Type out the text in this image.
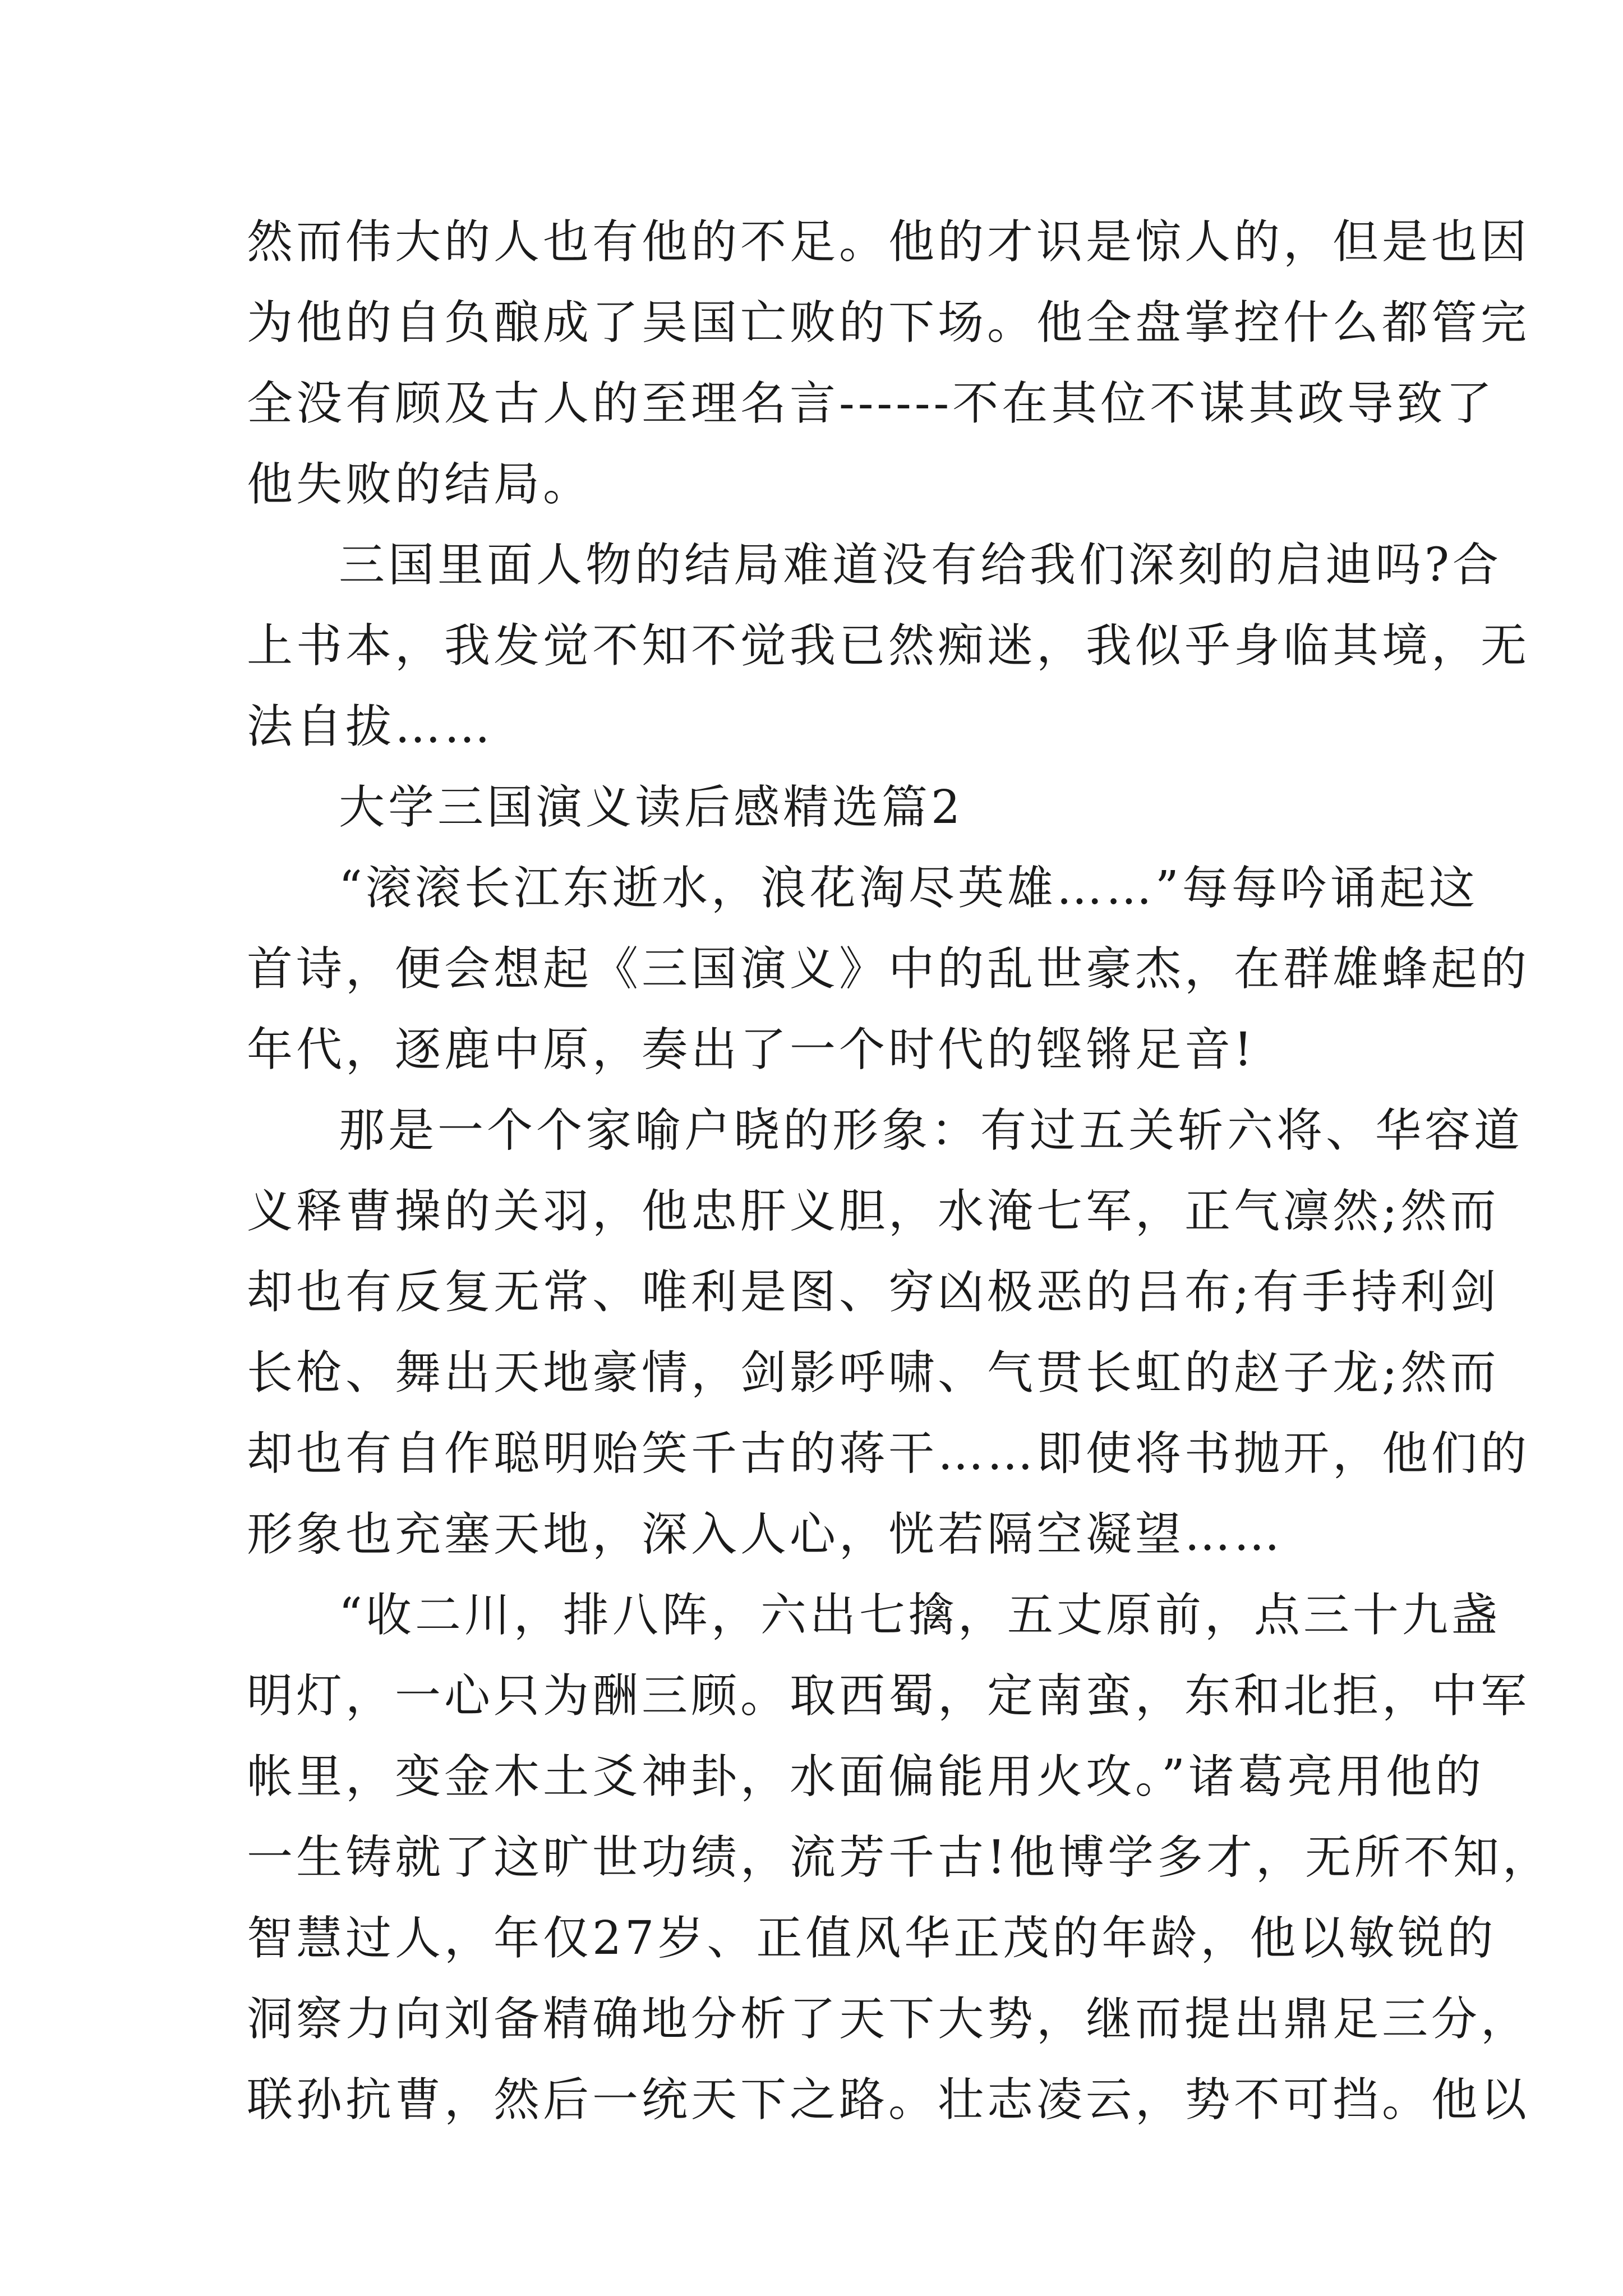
然而伟大的人也有他的不足。他的才识是惊人的，但是也因
为他的自负酿成了吴国亡败的下场。他全盘掌控什么都管完
全没有顾及古人的至理名言------不在其位不谋其政导致了
他失败的结局。
三国里面人物的结局难道没有给我们深刻的启迪吗?合
上书本，我发觉不知不觉我已然痴迷，我似乎身临其境，无
法自拔……
大学三国演义读后感精选篇2
“滚滚长江东逝水，浪花淘尽英雄……”每每吟诵起这
首诗，便会想起《三国演义》中的乱世豪杰，在群雄蜂起的
年代，逐鹿中原，奏出了一个时代的铿锵足音!
那是一个个家喻户晓的形象：有过五关斩六将、华容道
义释曹操的关羽，他忠肝义胆，水淹七军，正气凛然;然而
却也有反复无常、唯利是图、穷凶极恶的吕布;有手持利剑
长枪、舞出天地豪情，剑影呼啸、气贯长虹的赵子龙;然而
却也有自作聪明贻笑千古的蒋干……即使将书抛开，他们的
形象也充塞天地，深入人心，恍若隔空凝望……
“收二川，排八阵，六出七擒，五丈原前，点三十九盏
明灯，一心只为酬三顾。取西蜀，定南蛮，东和北拒，中军
帐里，变金木土爻神卦，水面偏能用火攻。”诸葛亮用他的
一生铸就了这旷世功绩，流芳千古!他博学多才，无所不知，
智慧过人，年仅27岁、正值风华正茂的年龄，他以敏锐的
洞察力向刘备精确地分析了天下大势，继而提出鼎足三分，
联孙抗曹，然后一统天下之路。壮志凌云，势不可挡。他以
